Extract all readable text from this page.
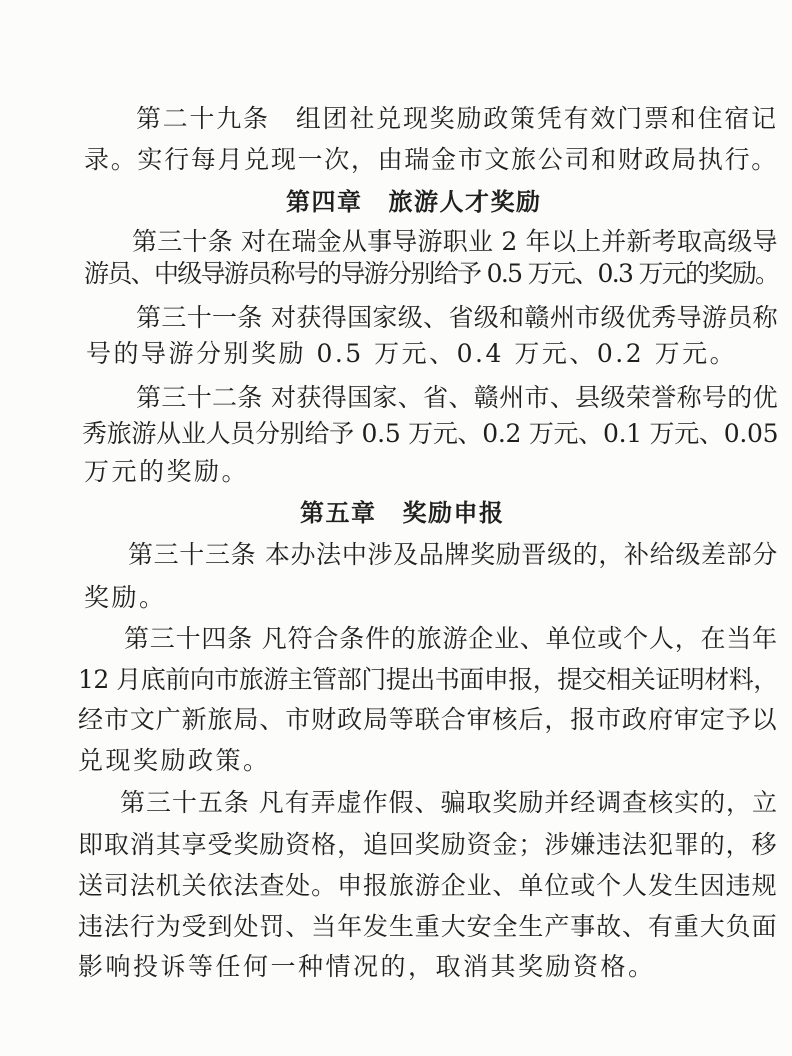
第二十九条 组团社兑现奖励政策凭有效门票和住宿记
录。实行每月兑现一次，由瑞金市文旅公司和财政局执行。
第四章 旅游人才奖励
第三十条 对在瑞金从事导游职业 2 年以上并新考取高级导
游员、中级导游员称号的导游分别给予 0.5 万元、0.3 万元的奖励。
第三十一条 对获得国家级、省级和赣州市级优秀导游员称
号的导游分别奖励 0.5 万元、0.4 万元、0.2 万元。
第三十二条 对获得国家、省、赣州市、县级荣誉称号的优
秀旅游从业人员分别给予 0.5 万元、0.2 万元、0.1 万元、0.05
万元的奖励。
第五章 奖励申报
第三十三条 本办法中涉及品牌奖励晋级的，补给级差部分
奖励。
第三十四条 凡符合条件的旅游企业、单位或个人，在当年
12 月底前向市旅游主管部门提出书面申报，提交相关证明材料，
经市文广新旅局、市财政局等联合审核后，报市政府审定予以
兑现奖励政策。
第三十五条 凡有弄虚作假、骗取奖励并经调查核实的，立
即取消其享受奖励资格，追回奖励资金；涉嫌违法犯罪的，移
送司法机关依法查处。申报旅游企业、单位或个人发生因违规
违法行为受到处罚、当年发生重大安全生产事故、有重大负面
影响投诉等任何一种情况的，取消其奖励资格。
